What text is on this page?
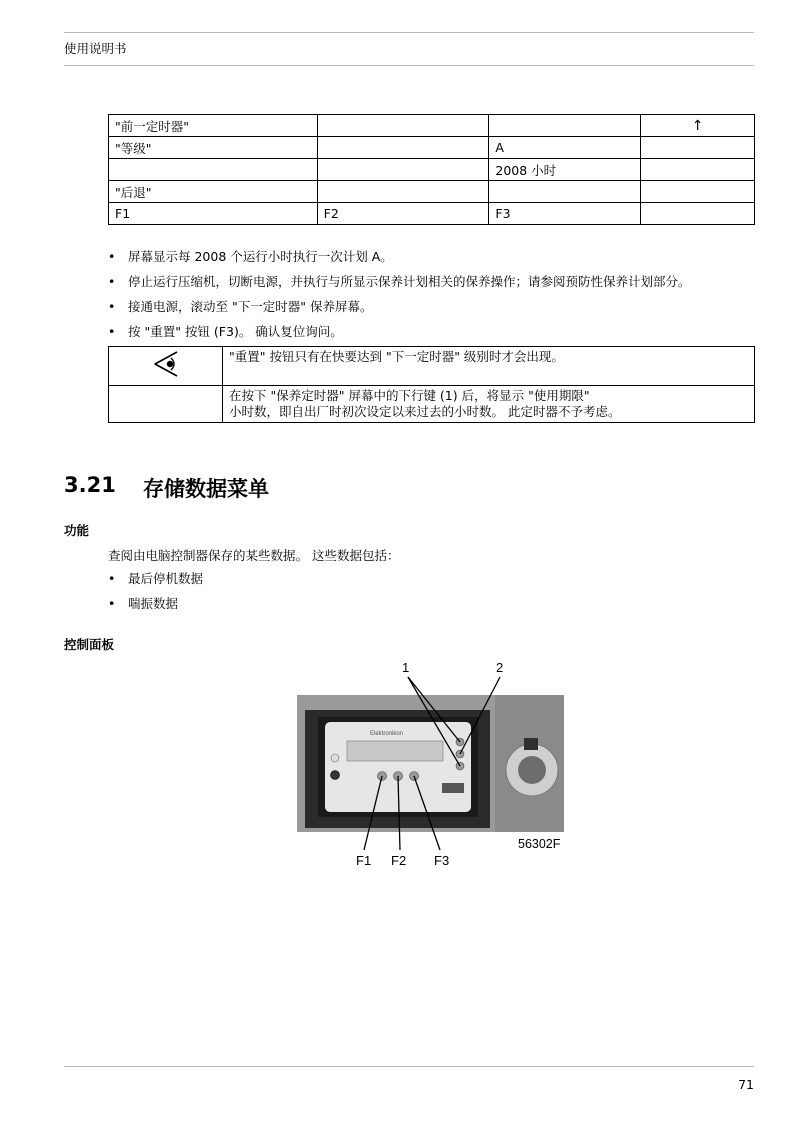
使用说明书
"前一定时器"			↑
"等级"		A	
		2008 小时	
"后退"			
F1	F2	F3	
• 屏幕显示每 2008 个运行小时执行一次计划 A。
• 停止运行压缩机，切断电源，并执行与所显示保养计划相关的保养操作；请参阅预防性保养计划部分。
• 接通电源，滚动至 "下一定时器" 保养屏幕。
• 按 "重置" 按钮 (F3)。 确认复位询问。
	"重置" 按钮只有在快要达到 "下一定时器" 级别时才会出现。

	在按下 "保养定时器" 屏幕中的下行键 (1) 后，将显示 "使用期限"
小时数，即自出厂时初次设定以来过去的小时数。 此定时器不予考虑。
3.21 存储数据菜单
功能
查阅由电脑控制器保存的某些数据。 这些数据包括：
• 最后停机数据
• 喘振数据
控制面板
Elektronikon
1	2
F1 F2 F3
56302F
71
